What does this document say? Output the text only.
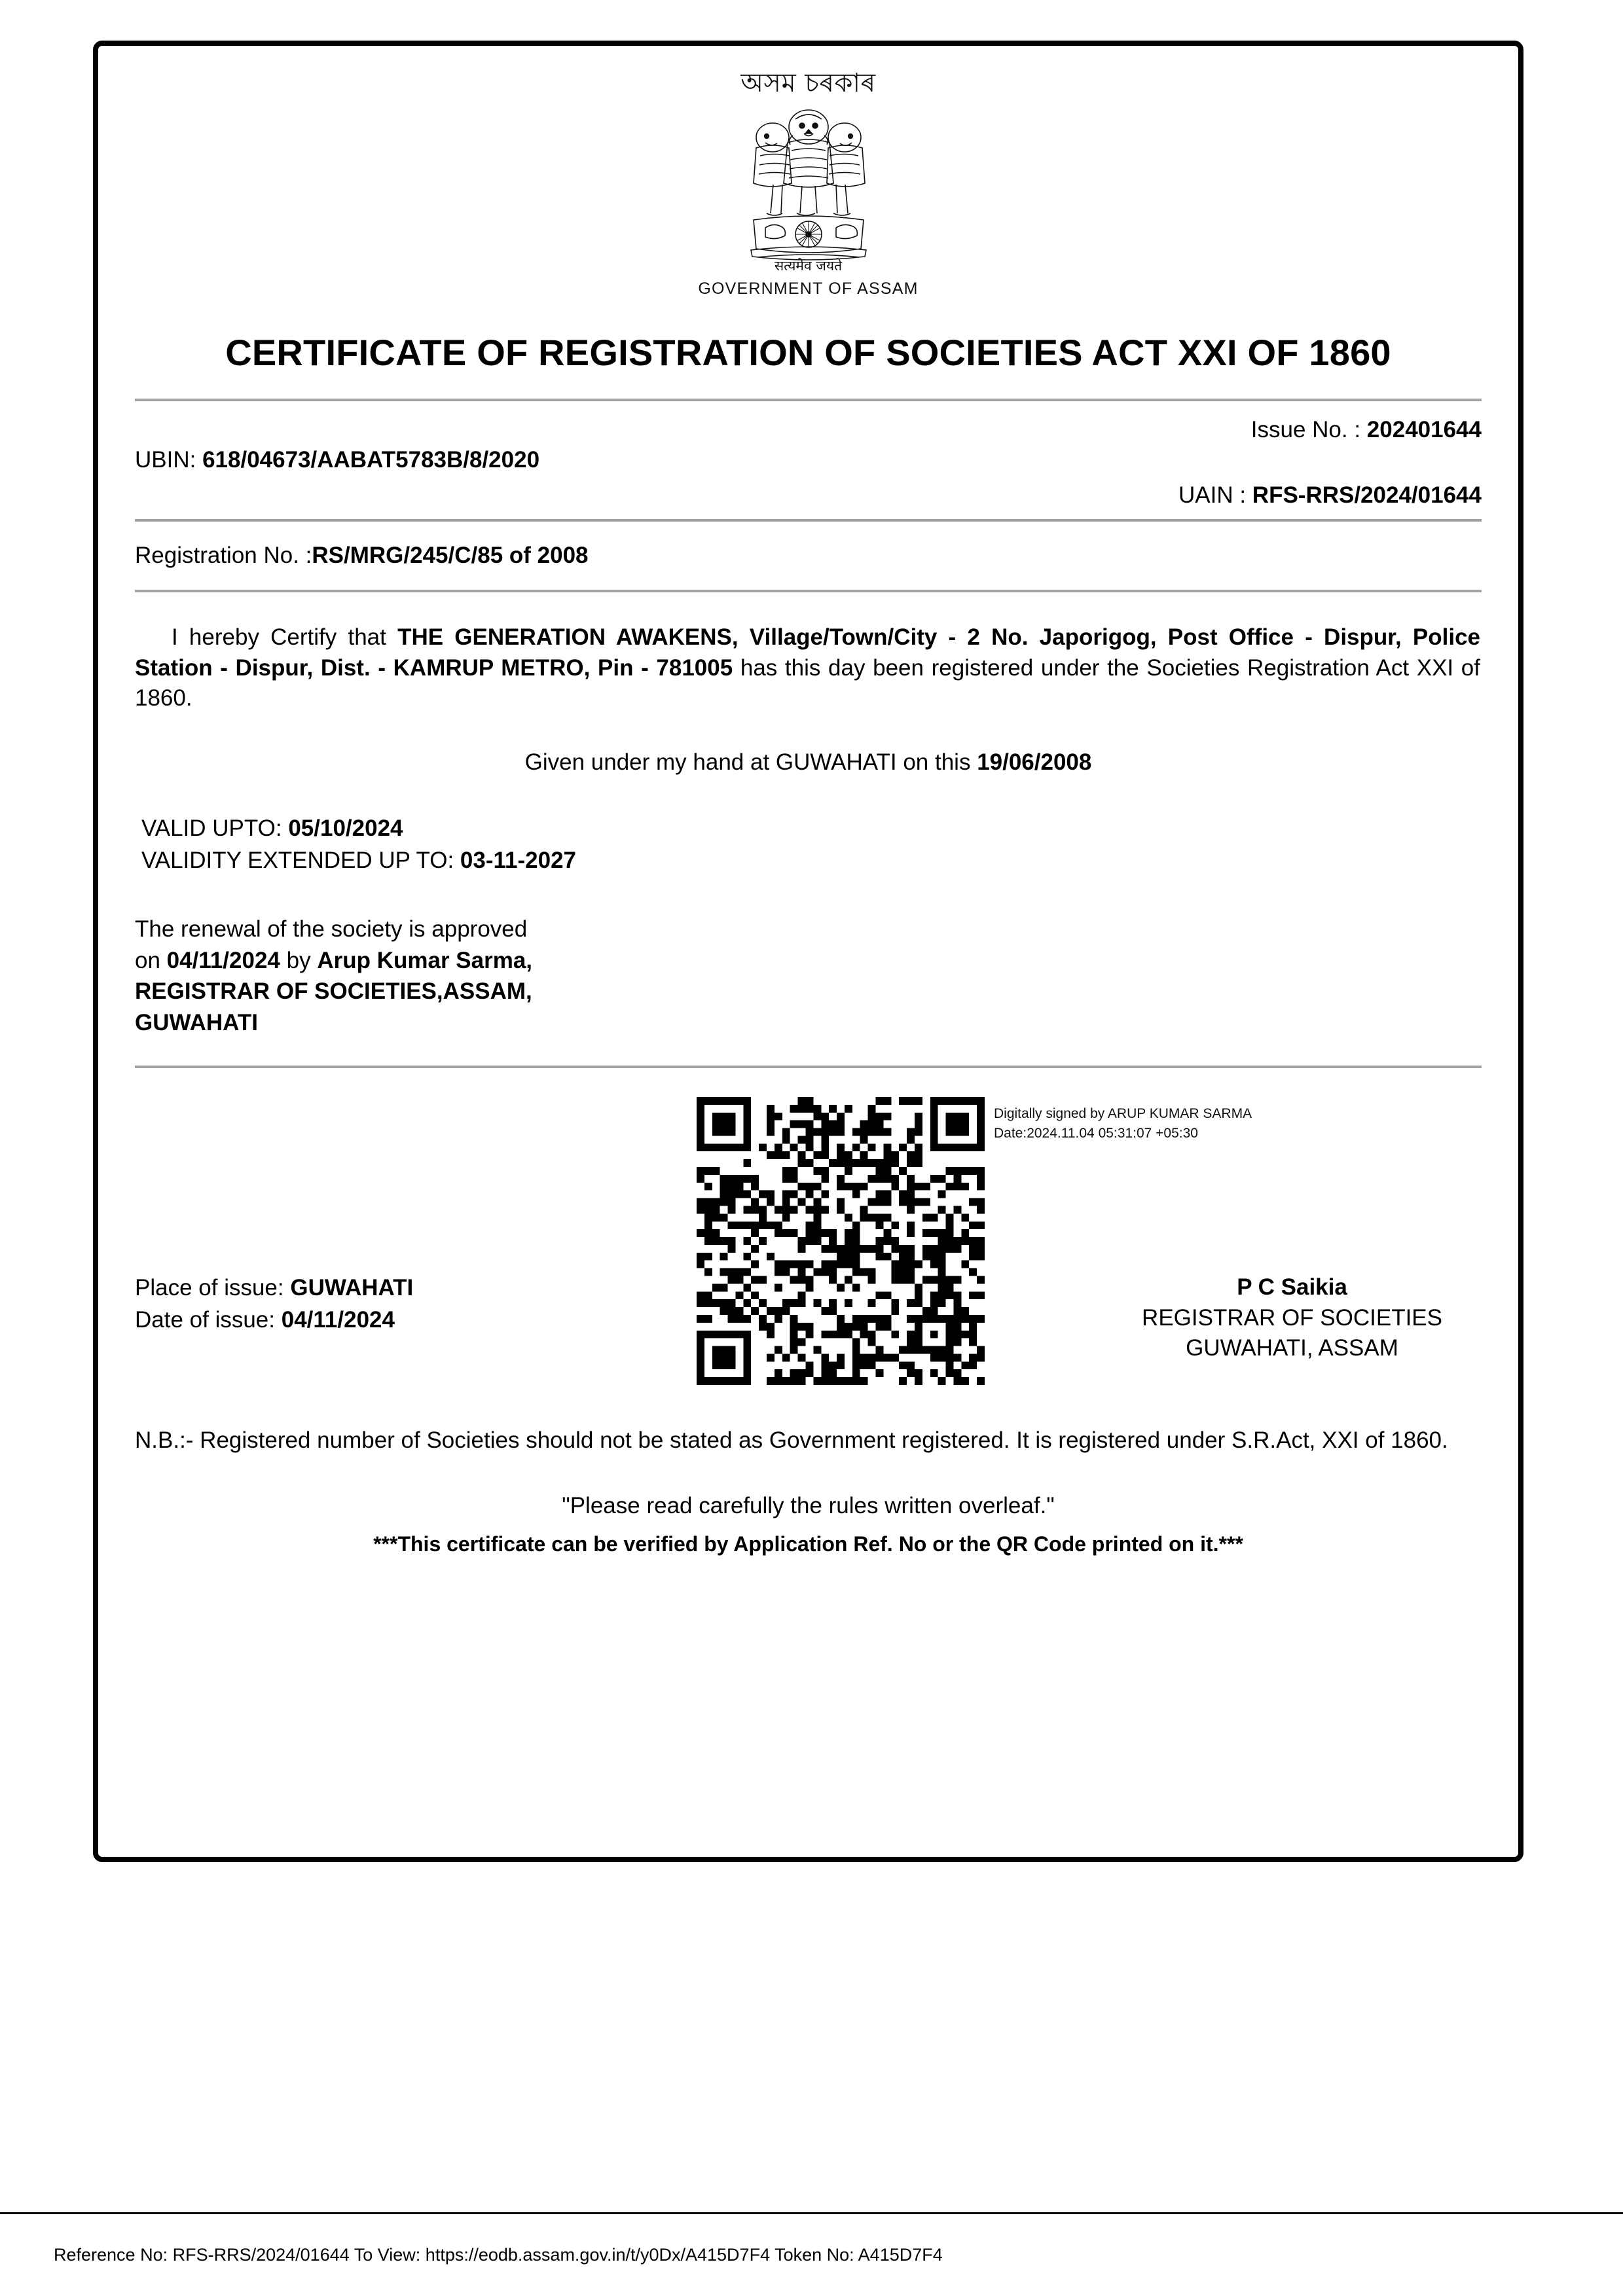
অসম চৰকাৰ
सत्यमेव जयते
GOVERNMENT OF ASSAM
CERTIFICATE OF REGISTRATION OF SOCIETIES ACT XXI OF 1860
Issue No. : 202401644
UBIN: 618/04673/AABAT5783B/8/2020
UAIN : RFS-RRS/2024/01644
Registration No. : RS/MRG/245/C/85 of 2008

I hereby Certify that THE GENERATION AWAKENS, Village/Town/City - 2 No. Japorigog, Post Office - Dispur, Police Station - Dispur, Dist. - KAMRUP METRO, Pin - 781005 has this day been registered under the Societies Registration Act XXI of 1860.

Given under my hand at GUWAHATI on this 19/06/2008
VALID UPTO: 05/10/2024
VALIDITY EXTENDED UP TO: 03-11-2027
The renewal of the society is approved
on 04/11/2024 by Arup Kumar Sarma,
REGISTRAR OF SOCIETIES,ASSAM,
GUWAHATI
Digitally signed by ARUP KUMAR SARMA
Date:2024.11.04 05:31:07 +05:30
Place of issue: GUWAHATI
Date of issue: 04/11/2024
P C Saikia
REGISTRAR OF SOCIETIES
GUWAHATI, ASSAM
N.B.:- Registered number of Societies should not be stated as Government registered. It is registered under S.R.Act, XXI of 1860.
"Please read carefully the rules written overleaf."
***This certificate can be verified by Application Ref. No or the QR Code printed on it.***
Reference No: RFS-RRS/2024/01644 To View: https://eodb.assam.gov.in/t/y0Dx/A415D7F4 Token No: A415D7F4
